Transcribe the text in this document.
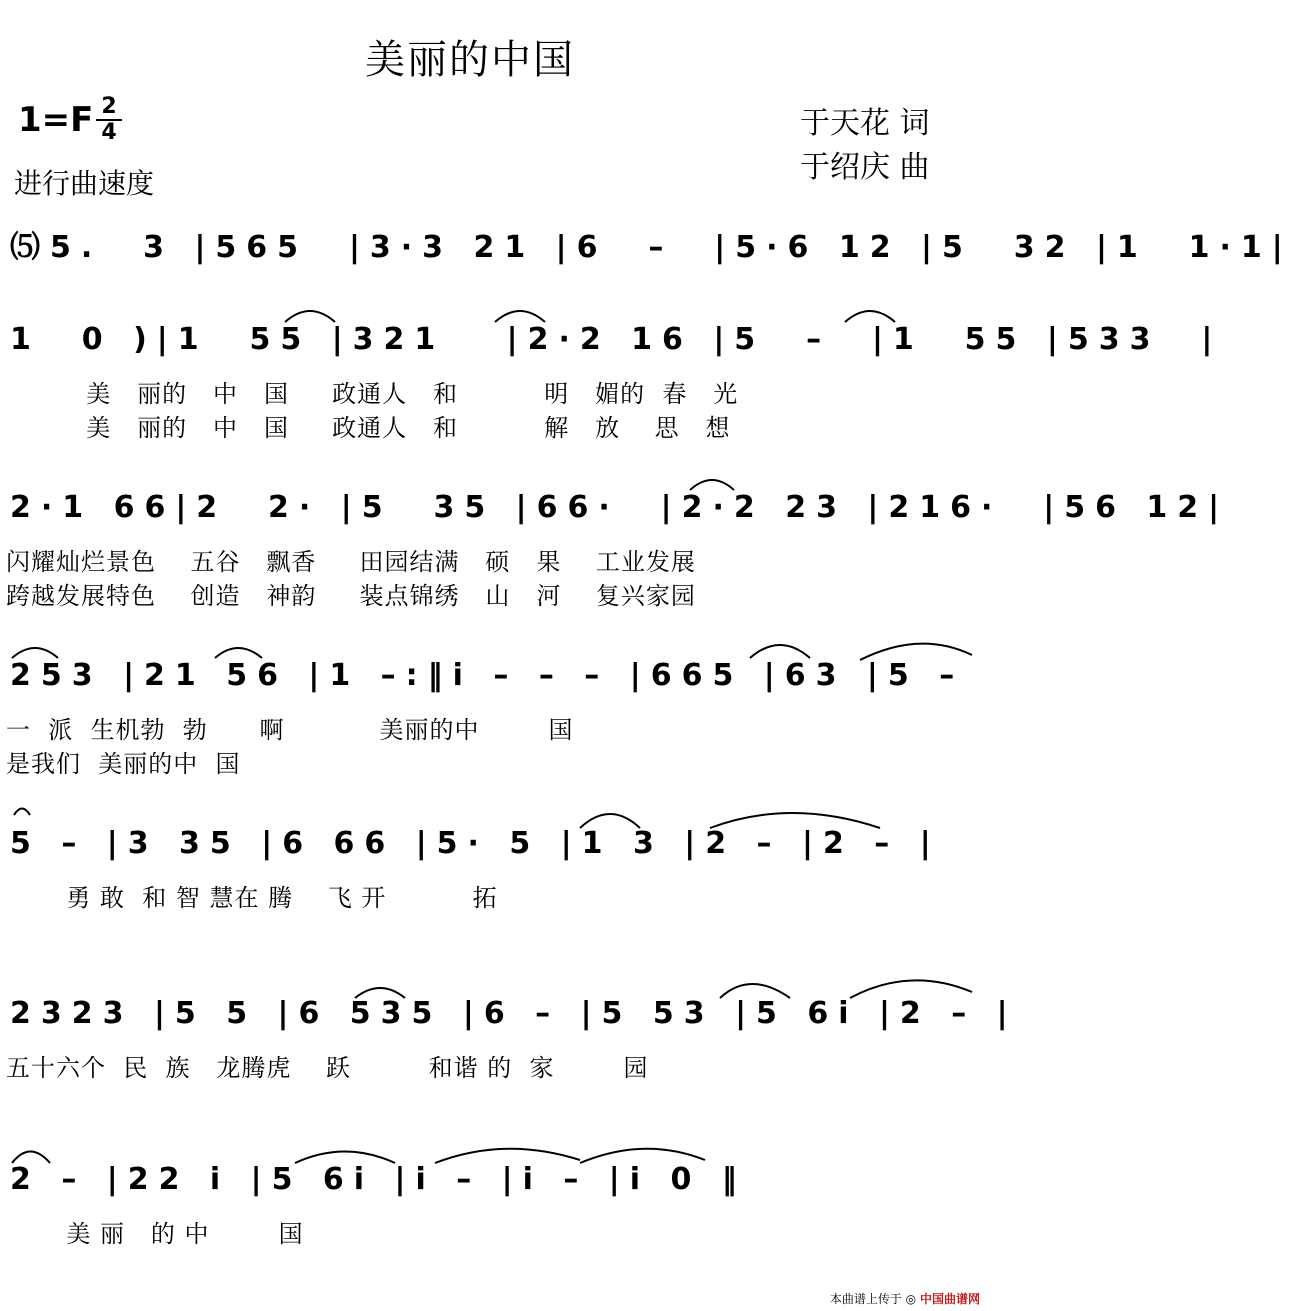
美丽的中国
1=F 2
4
进行曲速度
于天花 词
于绍庆 曲
⑸5.  3 |565  |3·3 21 |6  –  |5·6 12 |5  32 |1  1·1|
1  0 )|1  55 |321   |2·2 16 |5  –  |1  55 |533  |
美   丽的   中   国     政通人   和          明   媚的  春   光
美   丽的   中   国     政通人   和          解   放    思   想
2·1 66|2  2· |5  35 |66·  |2·2 23 |216·  |56 12|
闪耀灿烂景色    五谷   飘香     田园结满   硕   果    工业发展
跨越发展特色    创造   神韵     装点锦绣   山   河    复兴家园
253 |21 56 |1 –:‖i – – – |665 |63 |5 –
一  派  生机勃  勃      啊           美丽的中        国
是我们  美丽的中  国
5 – |3 35 |6 66 |5· 5 |1 3 |2 – |2 – |
勇 敢  和 智 慧在 腾    飞 开          拓
2323 |5 5 |6 535 |6 – |5 53 |5 6i |2 – |
五十六个  民  族   龙腾虎    跃         和谐 的  家        园
2 – |22 i |5 6i |i – |i – |i 0 ‖
美 丽   的 中        国
本曲谱上传于 ◎ 中国曲谱网
